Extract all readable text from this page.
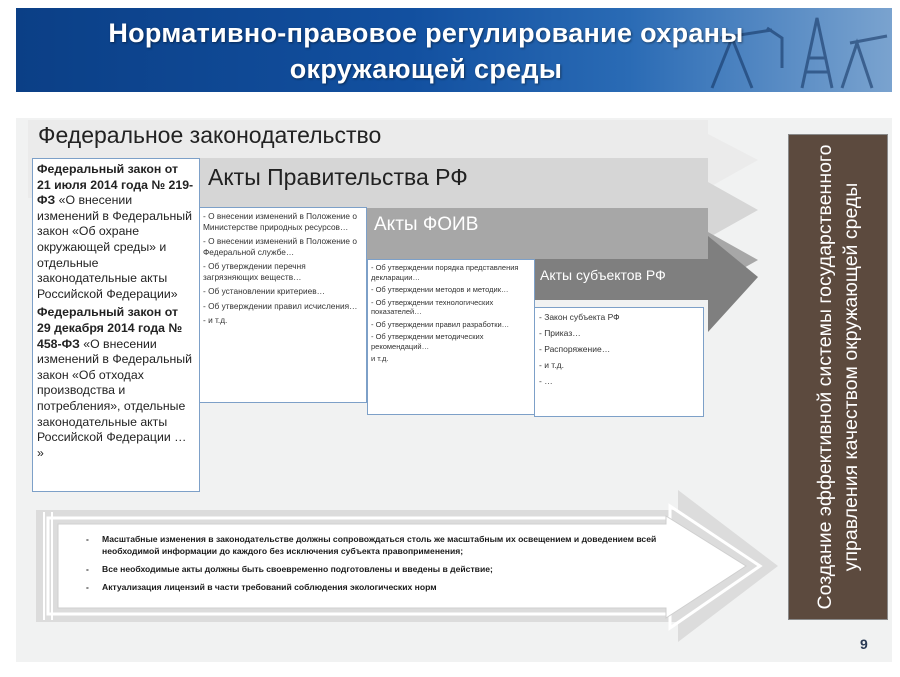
Нормативно-правовое регулирование охраны
окружающей среды
Федеральное законодательство
Акты Правительства РФ
Акты ФОИВ
Акты субъектов РФ
Федеральный закон от 21 июля 2014 года № 219-ФЗ «О внесении изменений в Федеральный закон «Об охране окружающей среды» и отдельные законодательные акты Российской Федерации»
Федеральный закон от 29 декабря 2014 года № 458-ФЗ «О внесении изменений в Федеральный закон «Об отходах производства и потребления», отдельные законодательные акты Российской Федерации … »
- О внесении изменений в Положение о Министерстве природных ресурсов…
- О внесении изменений в Положение о Федеральной службе…
- Об утверждении перечня загрязняющих веществ…
- Об установлении критериев…
- Об утверждении правил исчисления…
- и т.д.
- Об утверждении порядка представления декларации…
- Об утверждении методов и методик…
- Об утверждении технологических показателей…
- Об утверждении правил разработки…
- Об утверждении методических рекомендаций…
и т.д.
- Закон субъекта РФ
- Приказ…
- Распоряжение…
- и т.д.
- …	Создание эффективной системы государственного управления качеством окружающей среды
-	Масштабные изменения в законодательстве должны сопровождаться столь же масштабным их освещением и доведением всей необходимой информации до каждого без исключения субъекта правоприменения;
-	Все необходимые акты должны быть своевременно подготовлены и введены в действие;
-	Актуализация лицензий в части требований соблюдения экологических норм
9
